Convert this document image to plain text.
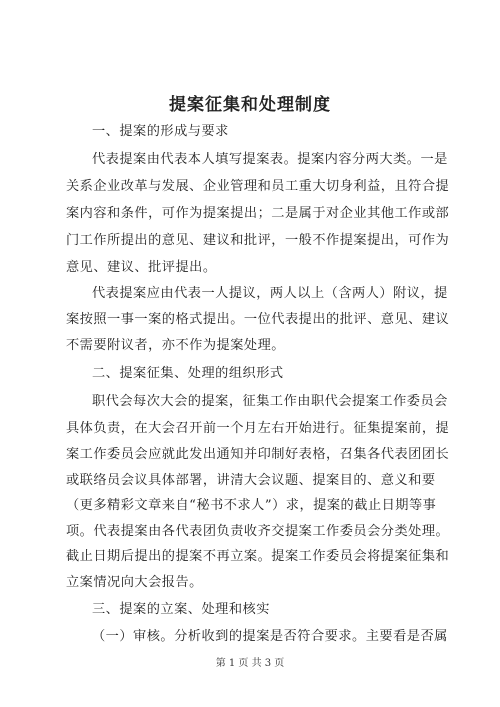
提案征集和处理制度

一、提案的形成与要求

代表提案由代表本人填写提案表。提案内容分两大类。一是

关系企业改革与发展、企业管理和员工重大切身利益，且符合提

案内容和条件，可作为提案提出；二是属于对企业其他工作或部

门工作所提出的意见、建议和批评，一般不作提案提出，可作为

意见、建议、批评提出。

代表提案应由代表一人提议，两人以上（含两人）附议，提

案按照一事一案的格式提出。一位代表提出的批评、意见、建议

不需要附议者，亦不作为提案处理。

二、提案征集、处理的组织形式

职代会每次大会的提案，征集工作由职代会提案工作委员会

具体负责，在大会召开前一个月左右开始进行。征集提案前，提

案工作委员会应就此发出通知并印制好表格，召集各代表团团长

或联络员会议具体部署，讲清大会议题、提案目的、意义和要

（更多精彩文章来自“秘书不求人”）求，提案的截止日期等事

项。代表提案由各代表团负责收齐交提案工作委员会分类处理。

截止日期后提出的提案不再立案。提案工作委员会将提案征集和

立案情况向大会报告。

三、提案的立案、处理和核实

（一）审核。分析收到的提案是否符合要求。主要看是否属

第 1 页 共 3 页
